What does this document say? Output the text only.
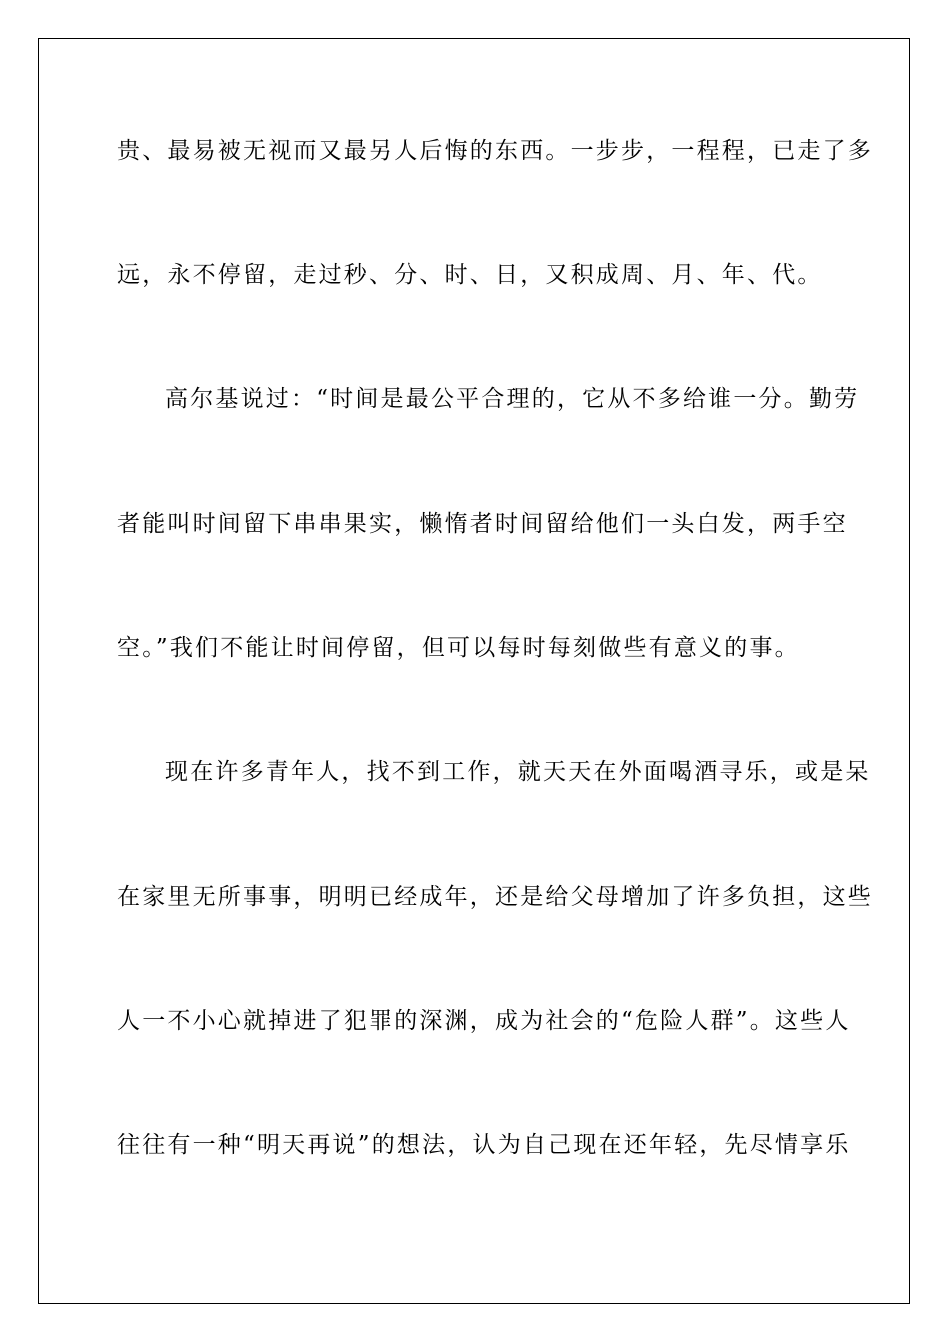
贵、最易被无视而又最另人后悔的东西。一步步，一程程，已走了多

远，永不停留，走过秒、分、时、日，又积成周、月、年、代。

高尔基说过：“时间是最公平合理的，它从不多给谁一分。勤劳

者能叫时间留下串串果实，懒惰者时间留给他们一头白发，两手空

空。”我们不能让时间停留，但可以每时每刻做些有意义的事。

现在许多青年人，找不到工作，就天天在外面喝酒寻乐，或是呆

在家里无所事事，明明已经成年，还是给父母增加了许多负担，这些

人一不小心就掉进了犯罪的深渊，成为社会的“危险人群”。这些人

往往有一种“明天再说”的想法，认为自己现在还年轻，先尽情享乐
